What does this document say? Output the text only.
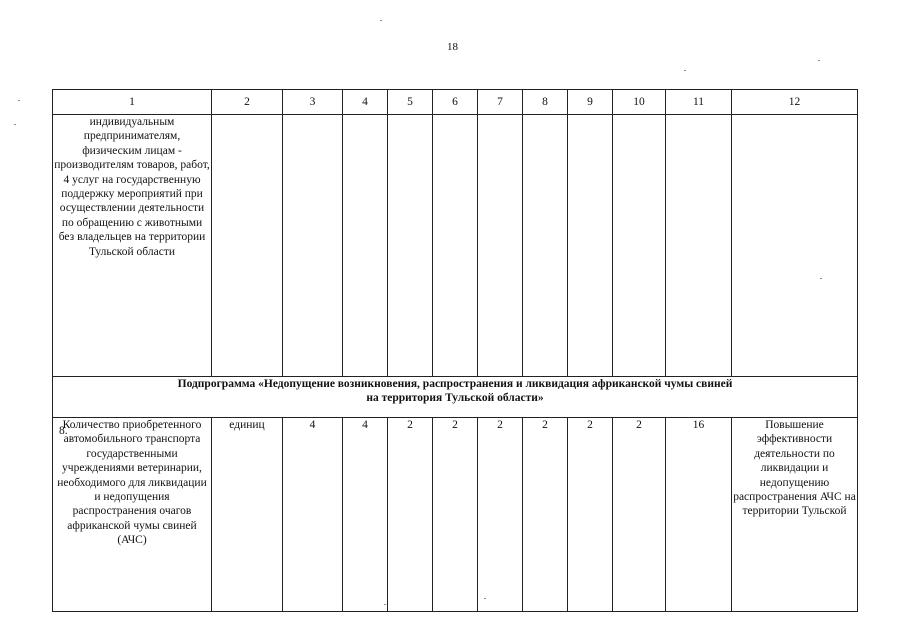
18
1	2	3	4	5	6	7	8	9	10	11	12
индивидуальным предпринимателям, физическим лицам - производителям товаров, работ, 4 услуг на государственную поддержку мероприятий при осуществлении деятельности по обращению с животными без владельцев на территории Тульской области											
Подпрограмма «Недопущение возникновения, распространения и ликвидация африканской чумы свиней
на территория Тульской области»											

8.
Количество приобретенного автомобильного транспорта государственными учреждениями ветеринарии, необходимого для ликвидации и недопущения распространения очагов африканской чумы свиней (АЧС)	единиц	4	4	2	2	2	2	2	2	16	Повышение эффективности деятельности по ликвидации и недопущению распространения АЧС на территории Тульской
